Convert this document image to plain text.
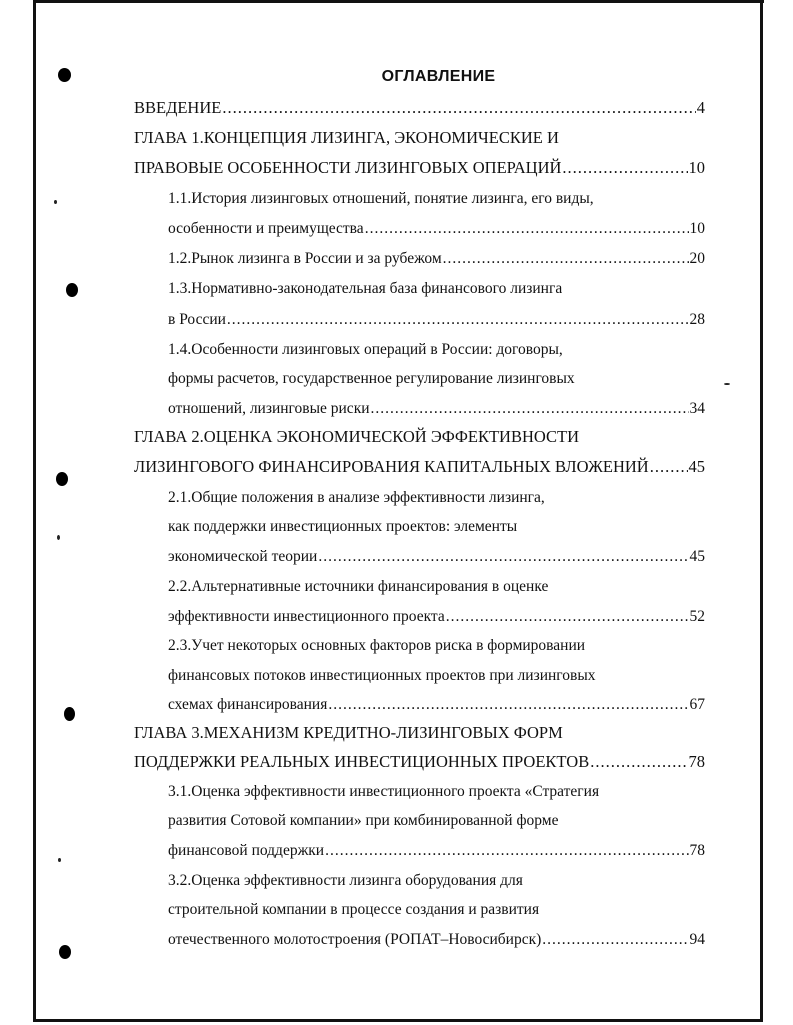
ОГЛАВЛЕНИЕ
ВВЕДЕНИЕ .....	4
ГЛАВА 1.КОНЦЕПЦИЯ ЛИЗИНГА, ЭКОНОМИЧЕСКИЕ И
ПРАВОВЫЕ ОСОБЕННОСТИ ЛИЗИНГОВЫХ ОПЕРАЦИЙ .....	10
1.1.История лизинговых отношений, понятие лизинга, его виды,
особенности и преимущества .....	10
1.2.Рынок лизинга в России и за рубежом .....	20
1.3.Нормативно-законодательная база финансового лизинга
в России .....	28
1.4.Особенности лизинговых операций в России: договоры,
формы расчетов, государственное регулирование лизинговых
отношений, лизинговые риски .....	34
ГЛАВА 2.ОЦЕНКА ЭКОНОМИЧЕСКОЙ ЭФФЕКТИВНОСТИ
ЛИЗИНГОВОГО ФИНАНСИРОВАНИЯ КАПИТАЛЬНЫХ ВЛОЖЕНИЙ ..... 45
2.1.Общие положения в анализе эффективности лизинга,
как поддержки инвестиционных проектов: элементы
экономической теории .....	45
2.2.Альтернативные источники финансирования в оценке
эффективности инвестиционного проекта .....	52
2.3.Учет некоторых основных факторов риска в формировании
финансовых потоков инвестиционных проектов при лизинговых
схемах финансирования .....	67
ГЛАВА 3.МЕХАНИЗМ КРЕДИТНО-ЛИЗИНГОВЫХ ФОРМ
ПОДДЕРЖКИ РЕАЛЬНЫХ ИНВЕСТИЦИОННЫХ ПРОЕКТОВ .....	78
3.1.Оценка эффективности инвестиционного проекта «Стратегия
развития Сотовой компании» при комбинированной форме
финансовой поддержки .....	78
3.2.Оценка эффективности лизинга оборудования для
строительной компании в процессе создания и развития
отечественного молотостроения (РОПАТ–Новосибирск) .....	94
